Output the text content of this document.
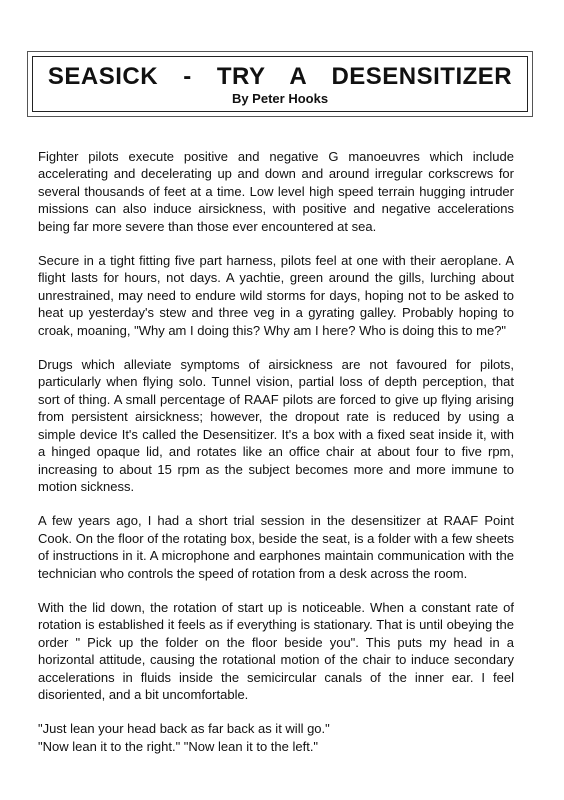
SEASICK - TRY A DESENSITIZER
By Peter Hooks

Fighter pilots execute positive and negative G manoeuvres which include accelerating and decelerating up and down and around irregular corkscrews for several thousands of feet at a time. Low level high speed terrain hugging intruder missions can also induce airsickness, with positive and negative accelerations being far more severe than those ever encountered at sea.

Secure in a tight fitting five part harness, pilots feel at one with their aeroplane. A flight lasts for hours, not days. A yachtie, green around the gills, lurching about unrestrained, may need to endure wild storms for days, hoping not to be asked to heat up yesterday's stew and three veg in a gyrating galley. Probably hoping to croak, moaning, "Why am I doing this? Why am I here? Who is doing this to me?"

Drugs which alleviate symptoms of airsickness are not favoured for pilots, particularly when flying solo. Tunnel vision, partial loss of depth perception, that sort of thing. A small percentage of RAAF pilots are forced to give up flying arising from persistent airsickness; however, the dropout rate is reduced by using a simple device It's called the Desensitizer. It's a box with a fixed seat inside it, with a hinged opaque lid, and rotates like an office chair at about four to five rpm, increasing to about 15 rpm as the subject becomes more and more immune to motion sickness.

A few years ago, I had a short trial session in the desensitizer at RAAF Point Cook. On the floor of the rotating box, beside the seat, is a folder with a few sheets of instructions in it. A microphone and earphones maintain communication with the technician who controls the speed of rotation from a desk across the room.

With the lid down, the rotation of start up is noticeable. When a constant rate of rotation is established it feels as if everything is stationary. That is until obeying the order " Pick up the folder on the floor beside you". This puts my head in a horizontal attitude, causing the rotational motion of the chair to induce secondary accelerations in fluids inside the semicircular canals of the inner ear. I feel disoriented, and a bit uncomfortable.

"Just lean your head back as far back as it will go."

"Now lean it to the right." "Now lean it to the left."
